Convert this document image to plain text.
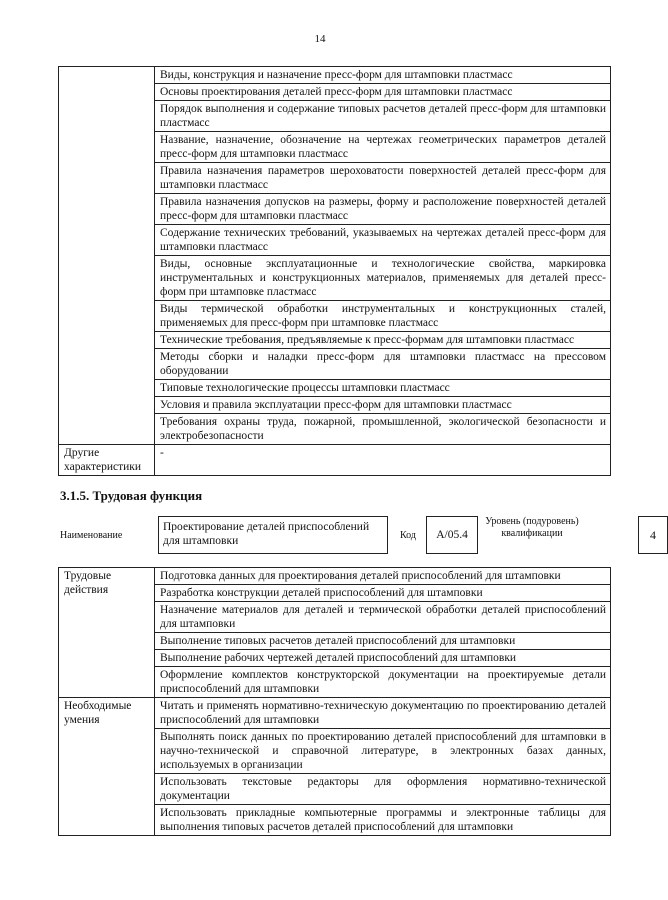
14
	Виды, конструкция и назначение пресс-форм для штамповки пластмасс
	Основы проектирования деталей пресс-форм для штамповки пластмасс
	Порядок выполнения и содержание типовых расчетов деталей пресс-форм для штамповки пластмасс
	Название, назначение, обозначение на чертежах геометрических параметров деталей пресс-форм для штамповки пластмасс
	Правила назначения параметров шероховатости поверхностей деталей пресс-форм для штамповки пластмасс
	Правила назначения допусков на размеры, форму и расположение поверхностей деталей пресс-форм для штамповки пластмасс
	Содержание технических требований, указываемых на чертежах деталей пресс-форм для штамповки пластмасс
	Виды, основные эксплуатационные и технологические свойства, маркировка инструментальных и конструкционных материалов, применяемых для деталей пресс-форм при штамповке пластмасс
	Виды термической обработки инструментальных и конструкционных сталей, применяемых для пресс-форм при штамповке пластмасс
	Технические требования, предъявляемые к пресс-формам для штамповки пластмасс
	Методы сборки и наладки пресс-форм для штамповки пластмасс на прессовом оборудовании
	Типовые технологические процессы штамповки пластмасс
	Условия и правила эксплуатации пресс-форм для штамповки пластмасс
	Требования охраны труда, пожарной, промышленной, экологической безопасности и электробезопасности
Другие характеристики	-
3.1.5. Трудовая функция
Наименование
Проектирование деталей приспособлений для штамповки	Код	А/05.4
Уровень (подуровень) квалификации	4
Трудовые действия	Подготовка данных для проектирования деталей приспособлений для штамповки
	Разработка конструкции деталей приспособлений для штамповки
	Назначение материалов для деталей и термической обработки деталей приспособлений для штамповки
	Выполнение типовых расчетов деталей приспособлений для штамповки
	Выполнение рабочих чертежей деталей приспособлений для штамповки
	Оформление комплектов конструкторской документации на проектируемые детали приспособлений для штамповки
Необходимые умения	Читать и применять нормативно-техническую документацию по проектированию деталей приспособлений для штамповки
	Выполнять поиск данных по проектированию деталей приспособлений для штамповки в научно-технической и справочной литературе, в электронных базах данных, используемых в организации
	Использовать текстовые редакторы для оформления нормативно-технической документации
	Использовать прикладные компьютерные программы и электронные таблицы для выполнения типовых расчетов деталей приспособлений для штамповки
